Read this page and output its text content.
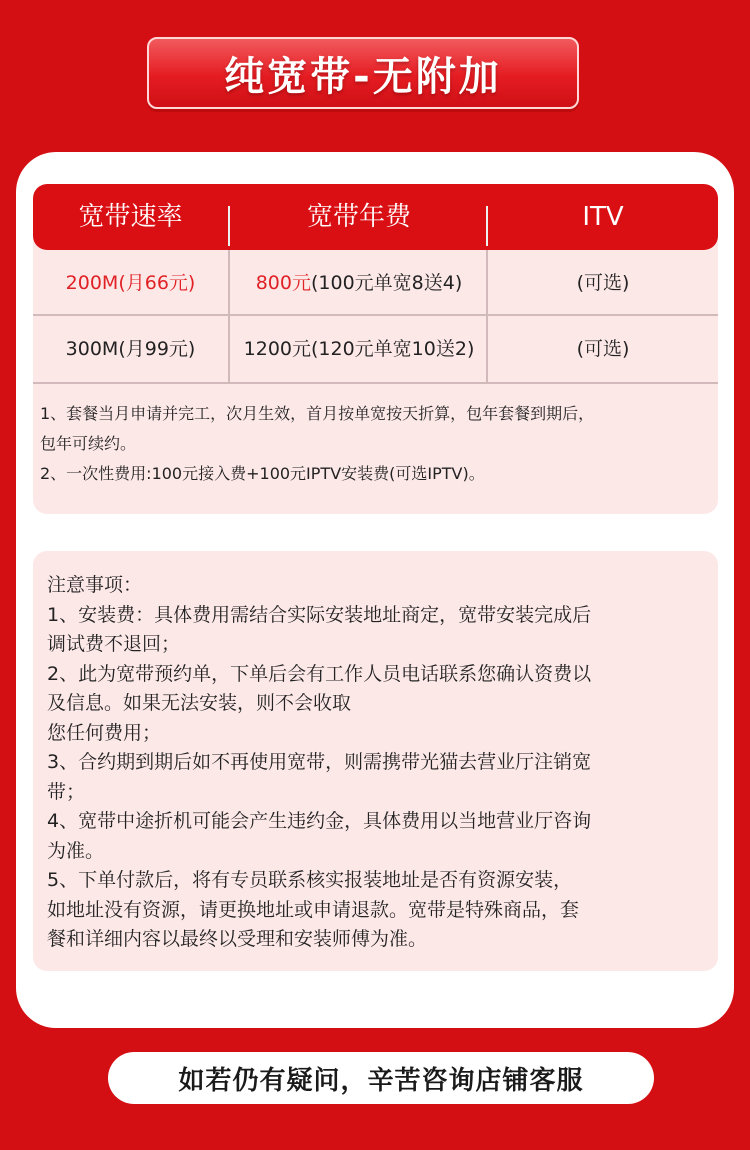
纯宽带-无附加
宽带速率	宽带年费	ITV
200M(月66元)	800元(100元单宽8送4)	(可选)
300M(月99元)	1200元(120元单宽10送2)	(可选)

1、套餐当月申请并完工，次月生效，首月按单宽按天折算，包年套餐到期后，

包年可续约。

2、一次性费用:100元接入费+100元IPTV安装费(可选IPTV)。

注意事项：

1、安装费：具体费用需结合实际安装地址商定，宽带安装完成后

调试费不退回；

2、此为宽带预约单，下单后会有工作人员电话联系您确认资费以

及信息。如果无法安装，则不会收取

您任何费用；

3、合约期到期后如不再使用宽带，则需携带光猫去营业厅注销宽

带；

4、宽带中途折机可能会产生违约金，具体费用以当地营业厅咨询

为准。

5、下单付款后，将有专员联系核实报装地址是否有资源安装，

如地址没有资源，请更换地址或申请退款。宽带是特殊商品，套

餐和详细内容以最终以受理和安装师傅为准。

如若仍有疑问，辛苦咨询店铺客服
